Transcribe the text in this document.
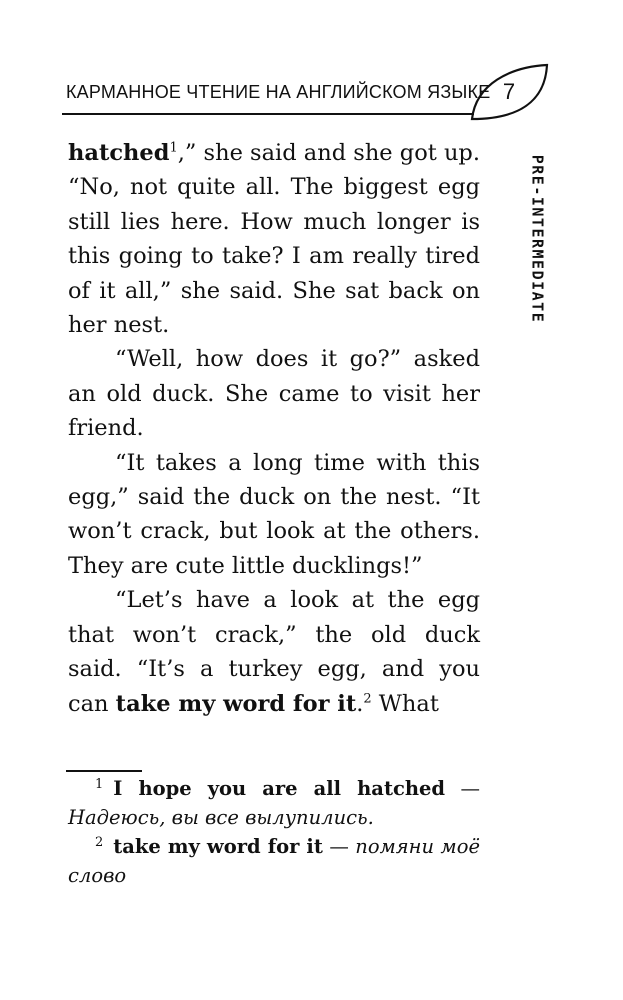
КАРМАННОЕ ЧТЕНИЕ НА АНГЛИЙСКОМ ЯЗЫКЕ 7
PRE-INTERMEDIATE

hatched$^1$,” she said and she got up. “No, not quite all. The biggest egg still lies here. How much longer is this going to take? I am really tired of it all,” she said. She sat back on her nest.

“Well, how does it go?” asked an old duck. She came to visit her friend.

“It takes a long time with this egg,” said the duck on the nest. “It won’t crack, but look at the others. They are cute little ducklings!”

“Let’s have a look at the egg that won’t crack,” the old duck said. “It’s a turkey egg, and you can take my word for it.$^2$ What

$^1$ I hope you are all hatched — Надеюсь, вы все вылупились.

$^2$ take my word for it — помяни моё слово
